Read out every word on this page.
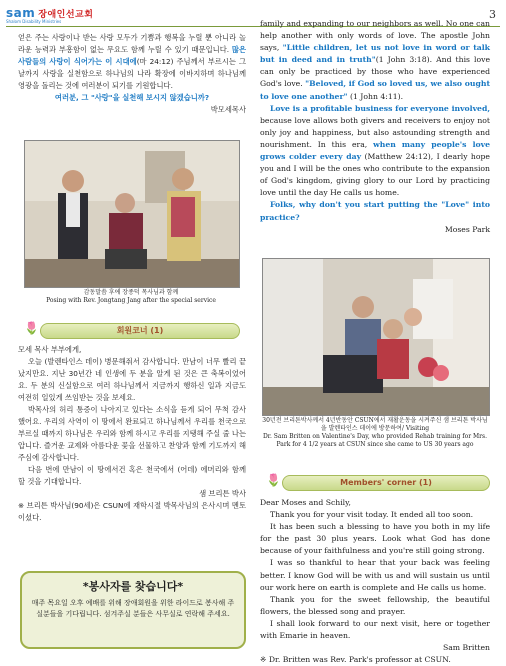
sam 장애인선교회
Shalom Disability Ministries
3

얻은 주는 사랑이나 받는 사랑 모두가 기쁨과 행복을 누릴 뿐 아니라 놀라운 능력과 부흥함이 없는 무요도 함께 누릴 수 있기 때문입니다. 많은 사람들의 사랑이 식어가는 이 시대에(마 24:12) 주님께서 부르시는 그 날까지 사랑을 실천함으로 하나님의 나라 확장에 이바지하며 하나님께 영광을 돌리는 것에 여러분이 되기를 기원합니다.

여러분, 그 "사랑"을 실천해 보시지 않겠습니까?

박모세목사

감동말씀 후에 장종덕 목사님과 함께
Posing with Rev. Jongtang Jang after the special service
🌷	회원코너 (1)

모세 목사 부부에게,

오늘 (발렌타인스 데이) 병문해줘서 감사합니다. 만남이 너무 빨리 끝났지만요. 지난 30년간 네 인생에 두 분을 알게 된 것은 큰 축복이었어요. 두 분의 신실함으로 여러 하나님께서 지금까지 행하신 일과 지금도 여전히 일있게 쓰임받는 것을 보세요.

박목사의 허리 통증이 나아지고 있다는 소식을 듣게 되어 무척 감사했어요. 우리의 사역이 이 땅에서 완료되고 하나님께서 우리를 천국으로 부르실 때까지 하나님은 우리와 함께 하시고 우리를 지탱해 주실 줄 나는 압니다. 즐거운 교제와 아름다운 꽃을 선물하고 찬양과 함께 기도까지 해 주심에 감사합니다.

다음 번에 만남이 이 땅에서건 혹은 천국에서 (어데) 에머리와 함께 할 것을 기대합니다.

샘 브리튼 박사

※ 브리튼 박사님(90세)은 CSUN에 재학시절 박목사님의 은사시며 멘토이셨다.

*봉사자를 찾습니다*
매주 목요일 오후 예배를 위해 장애회원을 위한 라이드로 봉사해 주실분들을 기다립니다. 섬겨주실 분들은 사무실로 연락해 주세요.

family and expanding to our neighbors as well. No one can help another with only words of love. The apostle John says, "Little children, let us not love in word or talk but in deed and in truth"(1 John 3:18). And this love can only be practiced by those who have experienced God's love. "Beloved, if God so loved us, we also ought to love one another" (1 John 4:11).

Love is a profitable business for everyone involved, because love allows both givers and receivers to enjoy not only joy and happiness, but also astounding strength and nourishment. In this era, when many people's love grows colder every day (Matthew 24:12), I dearly hope you and I will be the ones who contribute to the expansion of God's kingdom, giving glory to our Lord by practicing love until the day He calls us home.

Folks, why don't you start putting the "Love" into practice?

Moses Park

30년전 브리튼박사께서 4년반동안 CSUN에서 재활운동을 시켜주신 샘 브리튼 박사님을 발렌타인스 데이에 방문하여/ Visiting
Dr. Sam Britten on Valentine's Day, who provided Rehab training for Mrs. Park for 4 1/2 years at CSUN since she came to US 30 years ago
🌷	Members' corner (1)

Dear Moses and Schily,

Thank you for your visit today. It ended all too soon.

It has been such a blessing to have you both in my life for the past 30 plus years. Look what God has done because of your faithfulness and you're still going strong.

I was so thankful to hear that your back was feeling better. I know God will be with us and will sustain us until our work here on earth is complete and He calls us home.

Thank you for the sweet fellowship, the beautiful flowers, the blessed song and prayer.

I shall look forward to our next visit, here or together with Emarie in heaven.

Sam Britten

※ Dr. Britten was Rev. Park's professor at CSUN.
